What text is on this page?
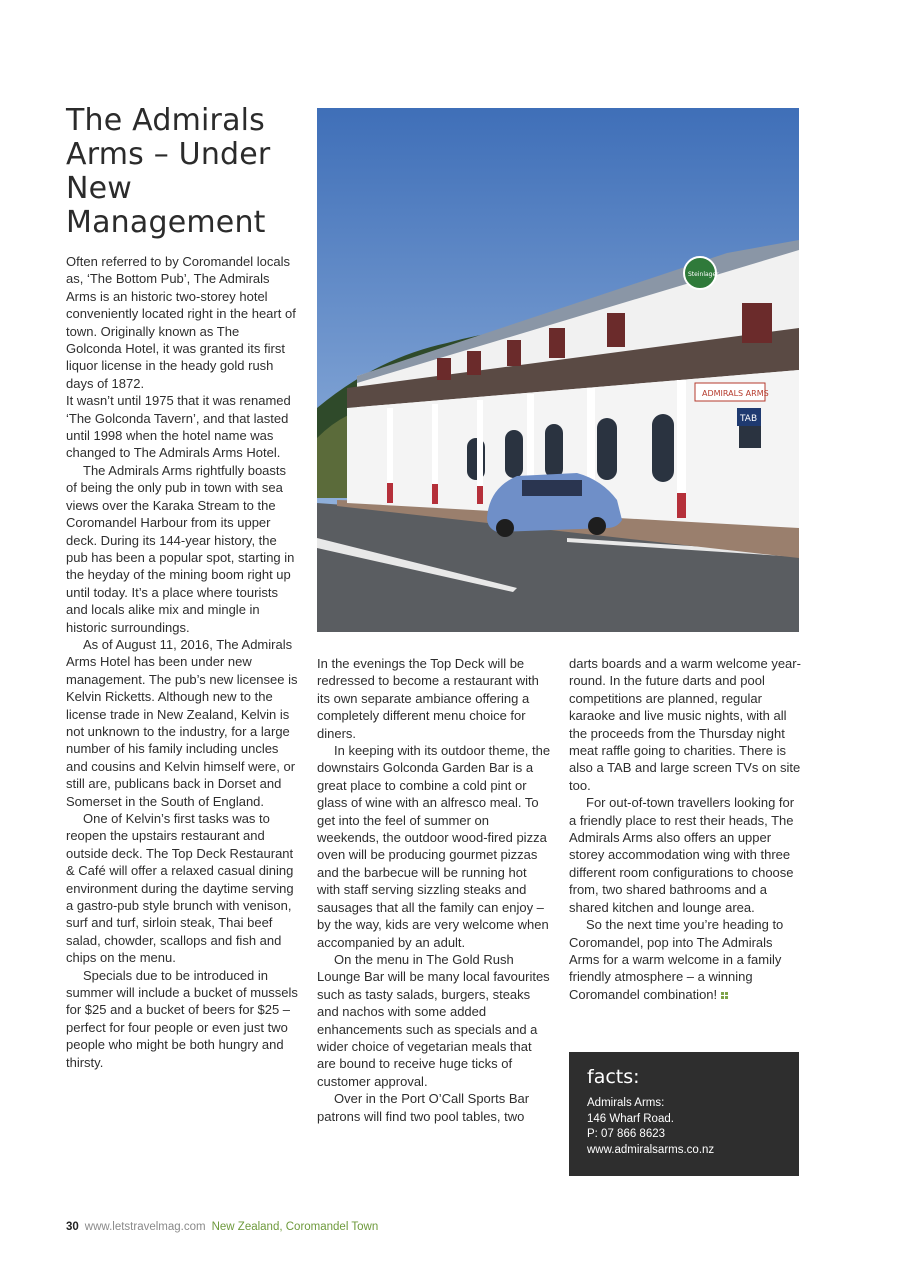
The Admirals Arms – Under New Management

Often referred to by Coromandel locals as, ‘The Bottom Pub’, The Admirals Arms is an historic two-storey hotel conveniently located right in the heart of town. Originally known as The Golconda Hotel, it was granted its first liquor license in the heady gold rush days of 1872.

It wasn’t until 1975 that it was renamed ‘The Golconda Tavern’, and that lasted until 1998 when the hotel name was changed to The Admirals Arms Hotel.

The Admirals Arms rightfully boasts of being the only pub in town with sea views over the Karaka Stream to the Coromandel Harbour from its upper deck. During its 144-year history, the pub has been a popular spot, starting in the heyday of the mining boom right up until today. It’s a place where tourists and locals alike mix and mingle in historic surroundings.

As of August 11, 2016, The Admirals Arms Hotel has been under new management. The pub’s new licensee is Kelvin Ricketts. Although new to the license trade in New Zealand, Kelvin is not unknown to the industry, for a large number of his family including uncles and cousins and Kelvin himself were, or still are, publicans back in Dorset and Somerset in the South of England.

One of Kelvin’s first tasks was to reopen the upstairs restaurant and outside deck. The Top Deck Restaurant & Café will offer a relaxed casual dining environment during the daytime serving a gastro-pub style brunch with venison, surf and turf, sirloin steak, Thai beef salad, chowder, scallops and fish and chips on the menu.

Specials due to be introduced in summer will include a bucket of mussels for $25 and a bucket of beers for $25 – perfect for four people or even just two people who might be both hungry and thirsty.

ADMIRALS ARMS
TAB
Steinlager

In the evenings the Top Deck will be redressed to become a restaurant with its own separate ambiance offering a completely different menu choice for diners.

In keeping with its outdoor theme, the downstairs Golconda Garden Bar is a great place to combine a cold pint or glass of wine with an alfresco meal. To get into the feel of summer on weekends, the outdoor wood-fired pizza oven will be producing gourmet pizzas and the barbecue will be running hot with staff serving sizzling steaks and sausages that all the family can enjoy – by the way, kids are very welcome when accompanied by an adult.

On the menu in The Gold Rush Lounge Bar will be many local favourites such as tasty salads, burgers, steaks and nachos with some added enhancements such as specials and a wider choice of vegetarian meals that are bound to receive huge ticks of customer approval.

Over in the Port O’Call Sports Bar patrons will find two pool tables, two

darts boards and a warm welcome year-round. In the future darts and pool competitions are planned, regular karaoke and live music nights, with all the proceeds from the Thursday night meat raffle going to charities. There is also a TAB and large screen TVs on site too.

For out-of-town travellers looking for a friendly place to rest their heads, The Admirals Arms also offers an upper storey accommodation wing with three different room configurations to choose from, two shared bathrooms and a shared kitchen and lounge area.

So the next time you’re heading to Coromandel, pop into The Admirals Arms for a warm welcome in a family friendly atmosphere – a winning Coromandel combination!

facts:

Admirals Arms:

146 Wharf Road.

P: 07 866 8623

www.admiralsarms.co.nz

30 www.letstravelmag.com New Zealand, Coromandel Town
